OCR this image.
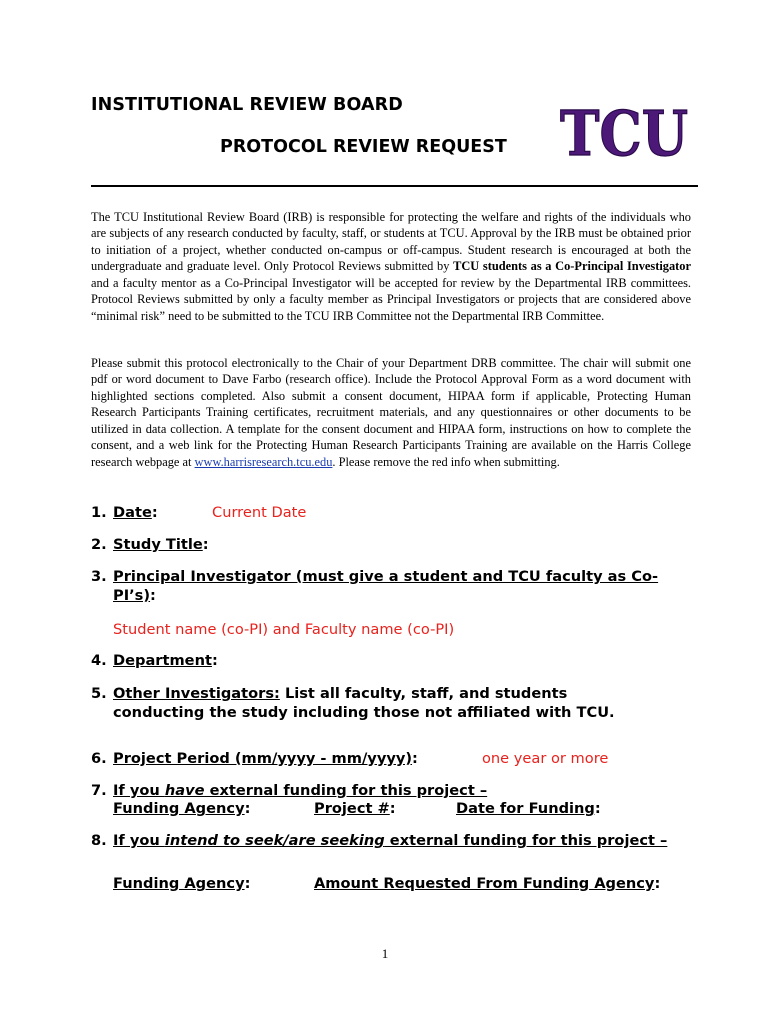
INSTITUTIONAL REVIEW BOARD
PROTOCOL REVIEW REQUEST TCU

The TCU Institutional Review Board (IRB) is responsible for protecting the welfare and rights of the individuals who are subjects of any research conducted by faculty, staff, or students at TCU. Approval by the IRB must be obtained prior to initiation of a project, whether conducted on-campus or off-campus. Student research is encouraged at both the undergraduate and graduate level. Only Protocol Reviews submitted by TCU students as a Co-Principal Investigator and a faculty mentor as a Co-Principal Investigator will be accepted for review by the Departmental IRB committees. Protocol Reviews submitted by only a faculty member as Principal Investigators or projects that are considered above “minimal risk” need to be submitted to the TCU IRB Committee not the Departmental IRB Committee.

Please submit this protocol electronically to the Chair of your Department DRB committee. The chair will submit one pdf or word document to Dave Farbo (research office). Include the Protocol Approval Form as a word document with highlighted sections completed. Also submit a consent document, HIPAA form if applicable, Protecting Human Research Participants Training certificates, recruitment materials, and any questionnaires or other documents to be utilized in data collection. A template for the consent document and HIPAA form, instructions on how to complete the consent, and a web link for the Protecting Human Research Participants Training are available on the Harris College research webpage at www.harrisresearch.tcu.edu. Please remove the red info when submitting.

1. Date:	Current Date
2. Study Title:
3. Principal Investigator (must give a student and TCU faculty as Co-PI’s):
Student name (co-PI) and Faculty name (co-PI)
4. Department:
5. Other Investigators: List all faculty, staff, and students conducting the study including those not affiliated with TCU.
6. Project Period (mm/yyyy - mm/yyyy):	one year or more
7. If you have external funding for this project –
Funding Agency:	Project #:	Date for Funding:
8. If you intend to seek/are seeking external funding for this project –
Funding Agency:	Amount Requested From Funding Agency:
1
